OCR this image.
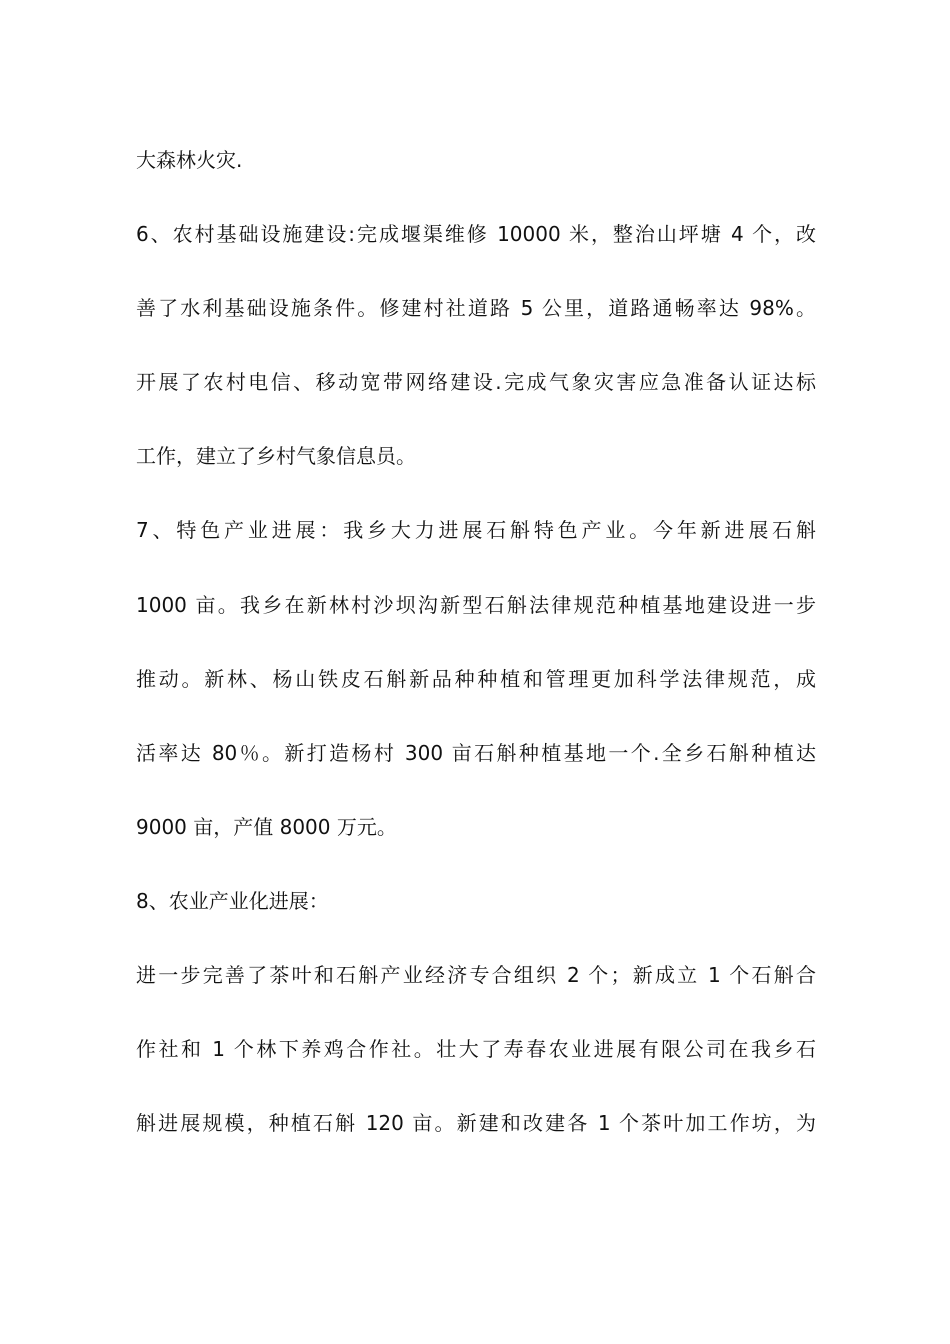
大森林火灾.
6、农村基础设施建设:完成堰渠维修 10000 米，整治山坪塘 4 个，改
善了水利基础设施条件。修建村社道路 5 公里，道路通畅率达 98%。
开展了农村电信、移动宽带网络建设.完成气象灾害应急准备认证达标
工作，建立了乡村气象信息员。
7、特色产业进展：我乡大力进展石斛特色产业。今年新进展石斛
1000 亩。我乡在新林村沙坝沟新型石斛法律规范种植基地建设进一步
推动。新林、杨山铁皮石斛新品种种植和管理更加科学法律规范，成
活率达 80％。新打造杨村 300 亩石斛种植基地一个.全乡石斛种植达
9000 亩，产值 8000 万元。
8、农业产业化进展：
进一步完善了茶叶和石斛产业经济专合组织 2 个；新成立 1 个石斛合
作社和 1 个林下养鸡合作社。壮大了寿春农业进展有限公司在我乡石
斛进展规模，种植石斛 120 亩。新建和改建各 1 个茶叶加工作坊，为
